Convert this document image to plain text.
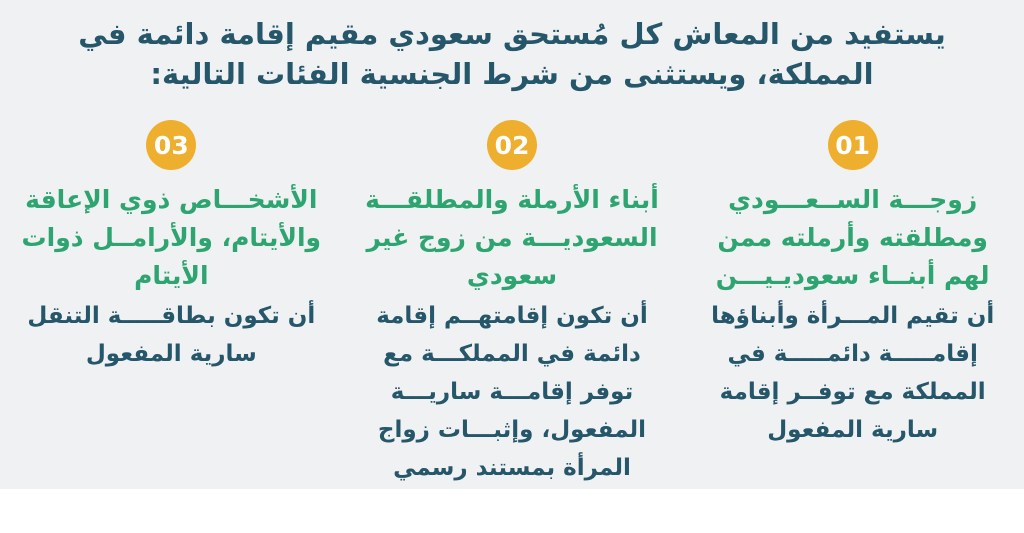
يستفيد من المعاش كل مُستحق سعودي مقيم إقامة دائمة في
المملكة، ويستثنى من شرط الجنسية الفئات التالية:
01
زوجـــة الســعـــودي ومطلقته وأرملته ممن لهم أبنــاء سعوديـيـــن
أن تقيم المـــرأة وأبناؤها إقامـــــة دائمـــــة في المملكة مع توفــر إقامة سارية المفعول
02
أبناء الأرملة والمطلقـــة السعوديـــة من زوج غير سعودي
أن تكون إقامتهــم إقامة دائمة في المملكـــة مع توفر إقامـــة ساريـــة المفعول، وإثبـــات زواج المرأة بمستند رسمي
03
الأشخـــاص ذوي الإعاقة والأيتام، والأرامــل ذوات الأيتام
أن تكون بطاقـــــة التنقل سارية المفعول
